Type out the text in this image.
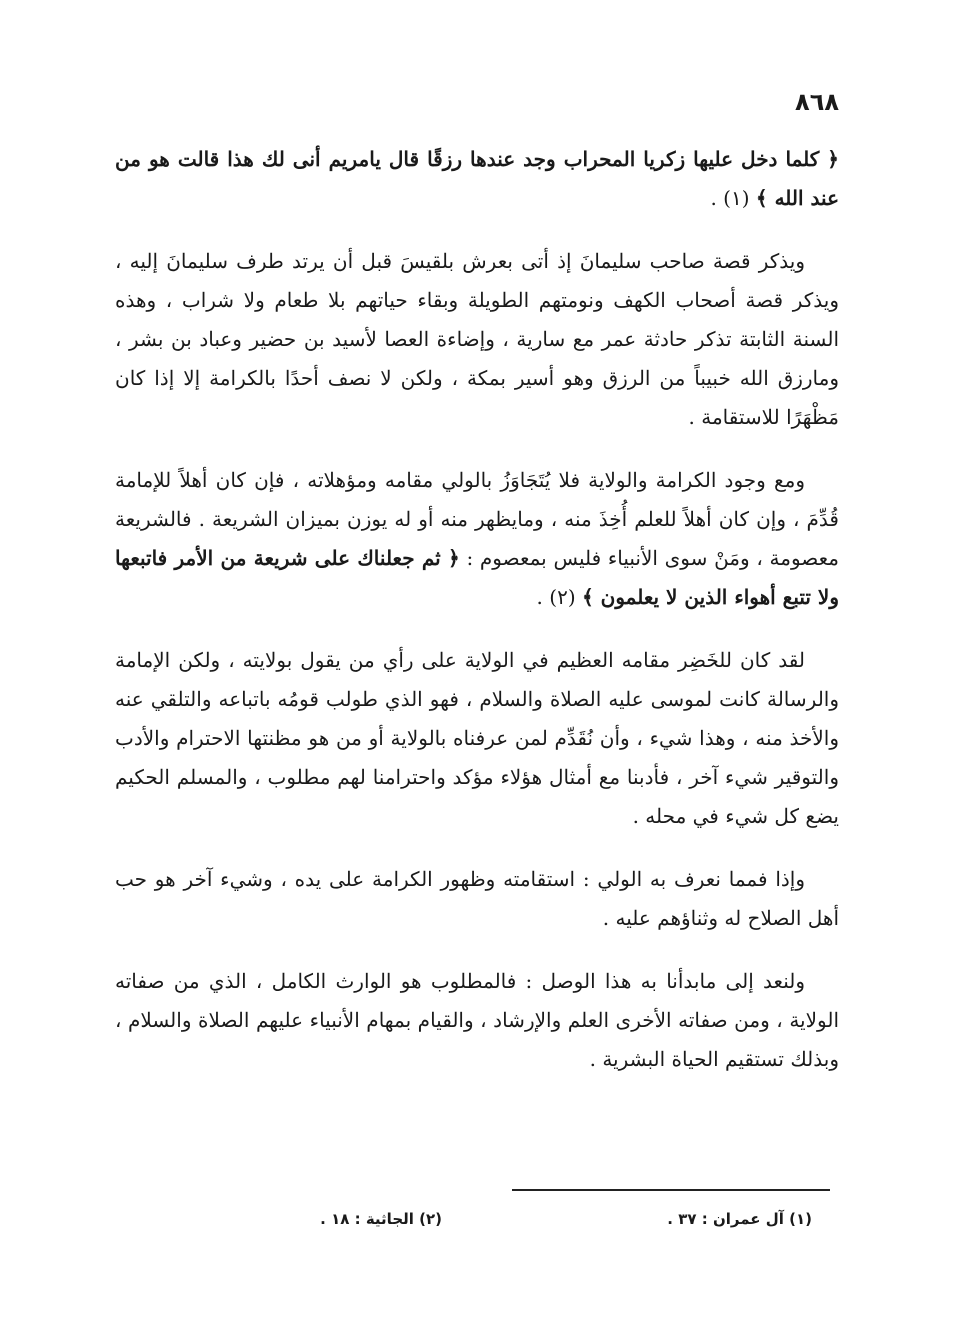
٨٦٨

﴿ كلما دخل عليها زكريا المحراب وجد عندها رزقًا قال يامريم أنى لك هذا قالت هو من عند الله ﴾ (١) .

ويذكر قصة صاحب سليمانَ إذ أتى بعرش بلقيسَ قبل أن يرتد طرف سليمانَ إليه ، ويذكر قصة أصحاب الكهف ونومتهم الطويلة وبقاء حياتهم بلا طعام ولا شراب ، وهذه السنة الثابتة تذكر حادثة عمر مع سارية ، وإضاءة العصا لأسيد بن حضير وعباد بن بشر ، ومارزق الله خبيباً من الرزق وهو أسير بمكة ، ولكن لا نصف أحدًا بالكرامة إلا إذا كان مَظْهَرًا للاستقامة .

ومع وجود الكرامة والولاية فلا يُتَجَاوَزُ بالولي مقامه ومؤهلاته ، فإن كان أهلاً للإمامة قُدِّمَ ، وإن كان أهلاً للعلم أُخِذَ منه ، ومايظهر منه أو له يوزن بميزان الشريعة . فالشريعة معصومة ، ومَنْ سوى الأنبياء فليس بمعصوم : ﴿ ثم جعلناك على شريعة من الأمر فاتبعها ولا تتبع أهواء الذين لا يعلمون ﴾ (٢) .

لقد كان للخَضِر مقامه العظيم في الولاية على رأي من يقول بولايته ، ولكن الإمامة والرسالة كانت لموسى عليه الصلاة والسلام ، فهو الذي طولب قومُه باتباعه والتلقي عنه والأخذ منه ، وهذا شيء ، وأن نُقَدِّم لمن عرفناه بالولاية أو من هو مظنتها الاحترام والأدب والتوقير شيء آخر ، فأدبنا مع أمثال هؤلاء مؤكد واحترامنا لهم مطلوب ، والمسلم الحكيم يضع كل شيء في محله .

وإذا فمما نعرف به الولي : استقامته وظهور الكرامة على يده ، وشيء آخر هو حب أهل الصلاح له وثناؤهم عليه .

ولنعد إلى مابدأنا به هذا الوصل : فالمطلوب هو الوارث الكامل ، الذي من صفاته الولاية ، ومن صفاته الأخرى العلم والإرشاد ، والقيام بمهام الأنبياء عليهم الصلاة والسلام ، وبذلك تستقيم الحياة البشرية .

(١) آل عمران : ٣٧ .
(٢) الجاثية : ١٨ .
